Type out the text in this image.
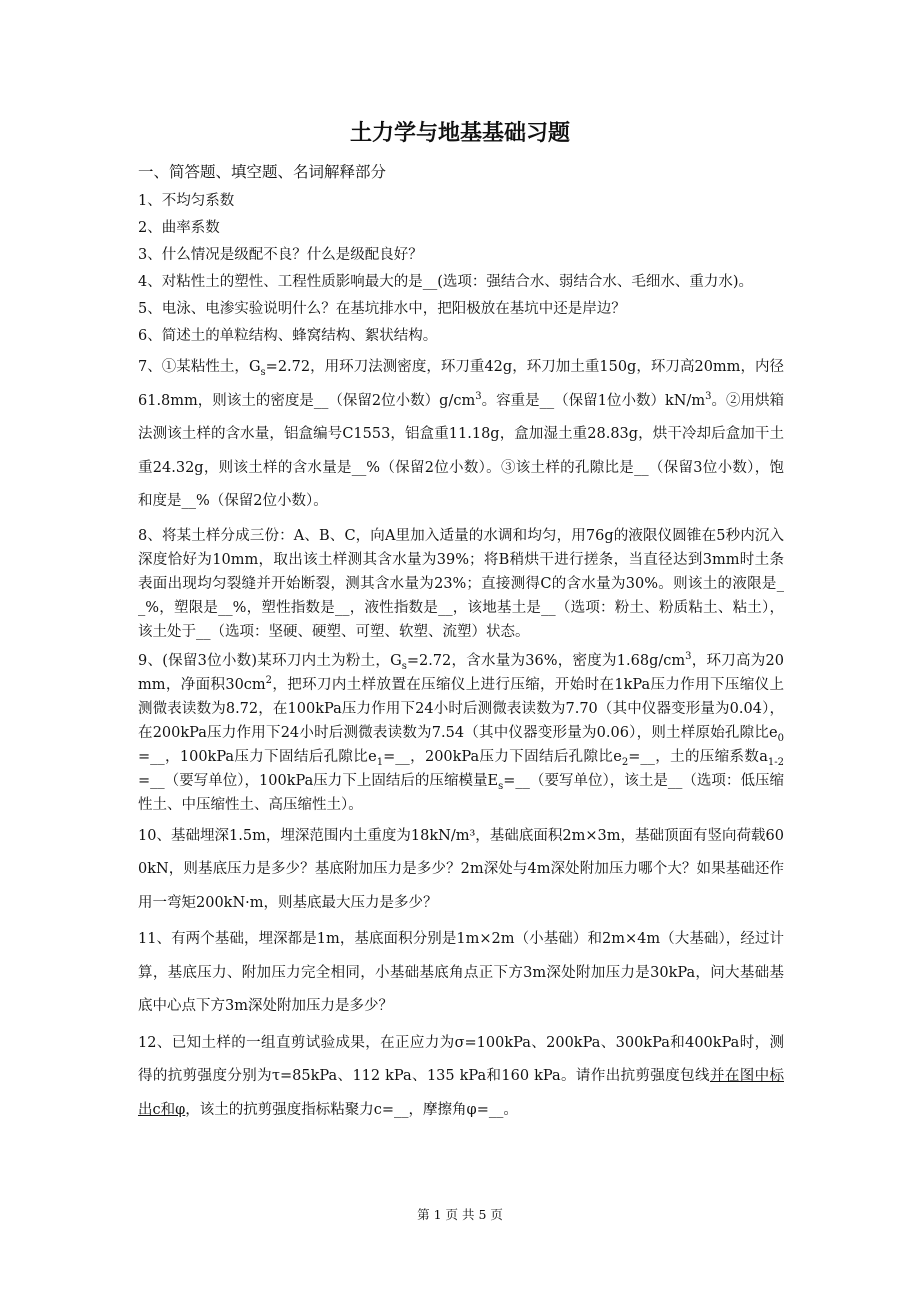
土力学与地基基础习题

一、简答题、填空题、名词解释部分

1、不均匀系数

2、曲率系数

3、什么情况是级配不良？什么是级配良好？

4、对粘性土的塑性、工程性质影响最大的是__(选项：强结合水、弱结合水、毛细水、重力水)。

5、电泳、电渗实验说明什么？在基坑排水中，把阳极放在基坑中还是岸边？

6、简述土的单粒结构、蜂窝结构、絮状结构。

7、①某粘性土，$G_s=2.72$，用环刀法测密度，环刀重42g，环刀加土重150g，环刀高20mm，内径61.8mm，则该土的密度是__（保留2位小数）$g/cm^3$。容重是__（保留1位小数）$kN/m^3$。②用烘箱法测该土样的含水量，铝盒编号C1553，铝盒重11.18g，盒加湿土重28.83g，烘干冷却后盒加干土重24.32g，则该土样的含水量是__%（保留2位小数）。③该土样的孔隙比是__（保留3位小数），饱和度是__%（保留2位小数）。

8、将某土样分成三份：A、B、C，向A里加入适量的水调和均匀，用76g的液限仪圆锥在5秒内沉入深度恰好为10mm，取出该土样测其含水量为39%；将B稍烘干进行搓条，当直径达到3mm时土条表面出现均匀裂缝并开始断裂，测其含水量为23%；直接测得C的含水量为30%。则该土的液限是__%，塑限是__%，塑性指数是__，液性指数是__，该地基土是__（选项：粉土、粉质粘土、粘土），该土处于__（选项：坚硬、硬塑、可塑、软塑、流塑）状态。

9、(保留3位小数)某环刀内土为粉土，$G_s=2.72$，含水量为36%，密度为$1.68g/cm^3$，环刀高为20mm，净面积$30cm^2$，把环刀内土样放置在压缩仪上进行压缩，开始时在1kPa压力作用下压缩仪上测微表读数为8.72，在100kPa压力作用下24小时后测微表读数为7.70（其中仪器变形量为0.04），在200kPa压力作用下24小时后测微表读数为7.54（其中仪器变形量为0.06），则土样原始孔隙比$e_0=\_\_$，100kPa压力下固结后孔隙比$e_1=\_\_$，200kPa压力下固结后孔隙比$e_2=\_\_$，土的压缩系数$a_{1-2}=\_\_$（要写单位），100kPa压力下上固结后的压缩模量$E_s=\_\_$（要写单位），该土是__（选项：低压缩性土、中压缩性土、高压缩性土）。

10、基础埋深1.5m，埋深范围内土重度为18kN/m³，基础底面积2m×3m，基础顶面有竖向荷载600kN，则基底压力是多少？基底附加压力是多少？2m深处与4m深处附加压力哪个大？如果基础还作用一弯矩200kN·m，则基底最大压力是多少？

11、有两个基础，埋深都是1m，基底面积分别是1m×2m（小基础）和2m×4m（大基础），经过计算，基底压力、附加压力完全相同，小基础基底角点正下方3m深处附加压力是30kPa，问大基础基底中心点下方3m深处附加压力是多少？

12、已知土样的一组直剪试验成果，在正应力为σ=100kPa、200kPa、300kPa和400kPa时，测得的抗剪强度分别为τ=85kPa、112 kPa、135 kPa和160 kPa。请作出抗剪强度包线并在图中标出c和φ，该土的抗剪强度指标粘聚力c=__，摩擦角φ=__。

第 1 页 共 5 页
